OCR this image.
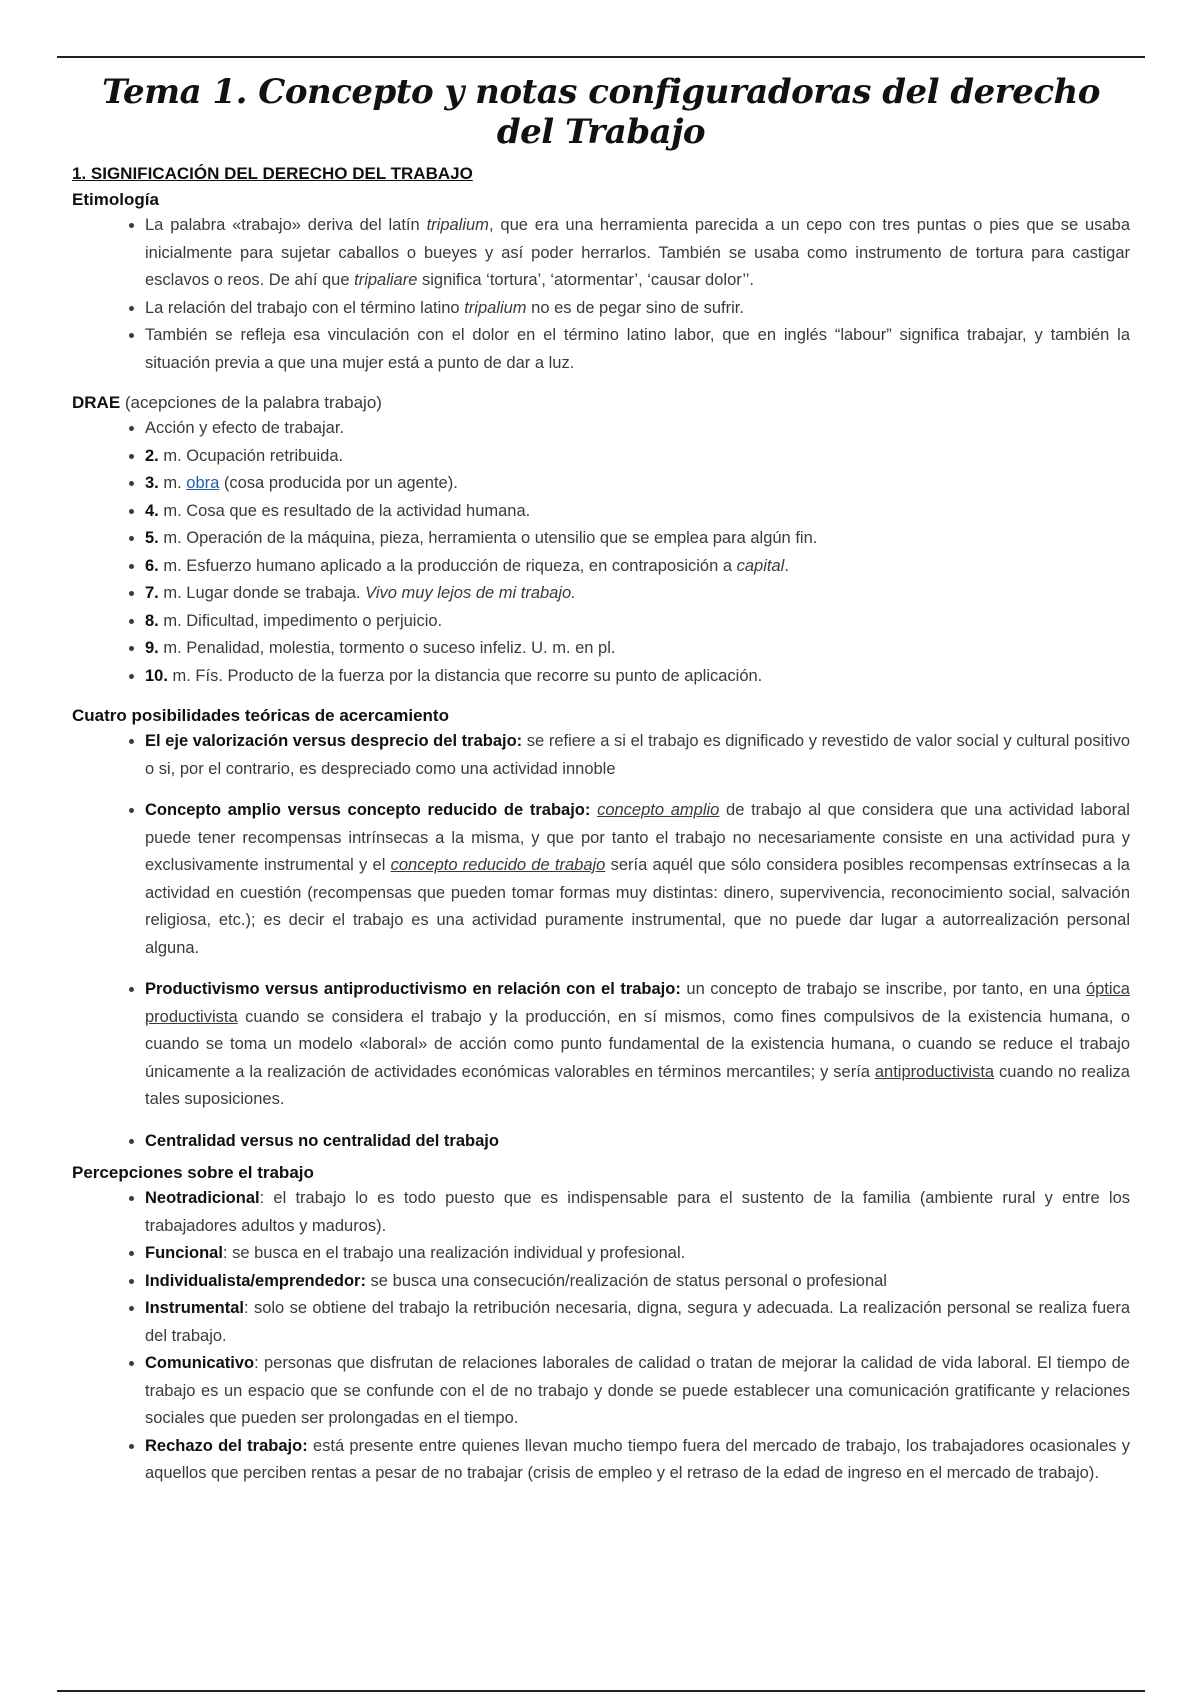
Tema 1. Concepto y notas configuradoras del derecho del Trabajo

1. SIGNIFICACIÓN DEL DERECHO DEL TRABAJO

Etimología

• La palabra «trabajo» deriva del latín tripalium, que era una herramienta parecida a un cepo con tres puntas o pies que se usaba inicialmente para sujetar caballos o bueyes y así poder herrarlos. También se usaba como instrumento de tortura para castigar esclavos o reos. De ahí que tripaliare significa ‘tortura’, ‘atormentar’, ‘causar dolor’’.
• La relación del trabajo con el término latino tripalium no es de pegar sino de sufrir.
• También se refleja esa vinculación con el dolor en el término latino labor, que en inglés “labour” significa trabajar, y también la situación previa a que una mujer está a punto de dar a luz.

DRAE (acepciones de la palabra trabajo)

• Acción y efecto de trabajar.
• 2. m. Ocupación retribuida.
• 3. m. obra (cosa producida por un agente).
• 4. m. Cosa que es resultado de la actividad humana.
• 5. m. Operación de la máquina, pieza, herramienta o utensilio que se emplea para algún fin.
• 6. m. Esfuerzo humano aplicado a la producción de riqueza, en contraposición a capital.
• 7. m. Lugar donde se trabaja. Vivo muy lejos de mi trabajo.
• 8. m. Dificultad, impedimento o perjuicio.
• 9. m. Penalidad, molestia, tormento o suceso infeliz. U. m. en pl.
• 10. m. Fís. Producto de la fuerza por la distancia que recorre su punto de aplicación.

Cuatro posibilidades teóricas de acercamiento

• El eje valorización versus desprecio del trabajo: se refiere a si el trabajo es dignificado y revestido de valor social y cultural positivo o si, por el contrario, es despreciado como una actividad innoble
• Concepto amplio versus concepto reducido de trabajo: concepto amplio de trabajo al que considera que una actividad laboral puede tener recompensas intrínsecas a la misma, y que por tanto el trabajo no necesariamente consiste en una actividad pura y exclusivamente instrumental y el concepto reducido de trabajo sería aquél que sólo considera posibles recompensas extrínsecas a la actividad en cuestión (recompensas que pueden tomar formas muy distintas: dinero, supervivencia, reconocimiento social, salvación religiosa, etc.); es decir el trabajo es una actividad puramente instrumental, que no puede dar lugar a autorrealización personal alguna.
• Productivismo versus antiproductivismo en relación con el trabajo: un concepto de trabajo se inscribe, por tanto, en una óptica productivista cuando se considera el trabajo y la producción, en sí mismos, como fines compulsivos de la existencia humana, o cuando se toma un modelo «laboral» de acción como punto fundamental de la existencia humana, o cuando se reduce el trabajo únicamente a la realización de actividades económicas valorables en términos mercantiles; y sería antiproductivista cuando no realiza tales suposiciones.
• Centralidad versus no centralidad del trabajo

Percepciones sobre el trabajo

• Neotradicional: el trabajo lo es todo puesto que es indispensable para el sustento de la familia (ambiente rural y entre los trabajadores adultos y maduros).
• Funcional: se busca en el trabajo una realización individual y profesional.
• Individualista/emprendedor: se busca una consecución/realización de status personal o profesional
• Instrumental: solo se obtiene del trabajo la retribución necesaria, digna, segura y adecuada. La realización personal se realiza fuera del trabajo.
• Comunicativo: personas que disfrutan de relaciones laborales de calidad o tratan de mejorar la calidad de vida laboral. El tiempo de trabajo es un espacio que se confunde con el de no trabajo y donde se puede establecer una comunicación gratificante y relaciones sociales que pueden ser prolongadas en el tiempo.
• Rechazo del trabajo: está presente entre quienes llevan mucho tiempo fuera del mercado de trabajo, los trabajadores ocasionales y aquellos que perciben rentas a pesar de no trabajar (crisis de empleo y el retraso de la edad de ingreso en el mercado de trabajo).
